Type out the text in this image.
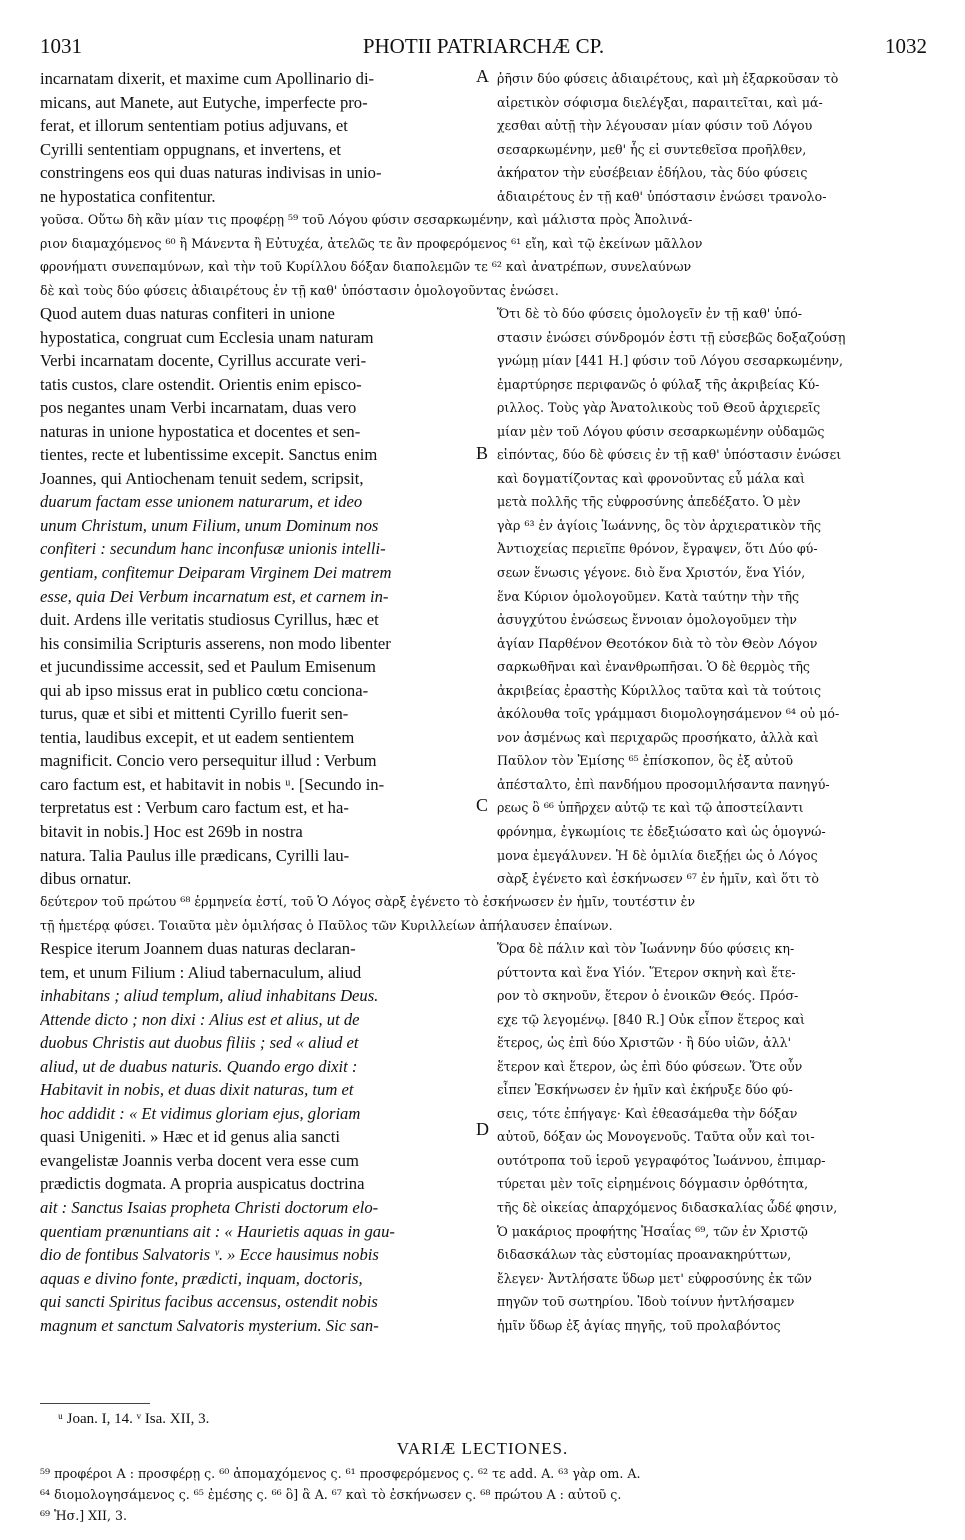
1031	PHOTII PATRIARCHÆ CP.	1032
incarnatam dixerit, et maxime cum Apollinario di-
micans, aut Manete, aut Eutyche, imperfecte pro-
ferat, et illorum sententiam potius adjuvans, et
Cyrilli sententiam oppugnans, et invertens, et
constringens eos qui duas naturas indivisas in unio-
ne hypostatica confitentur.
ῥῆσιν δύο φύσεις ἀδιαιρέτους, καὶ μὴ ἐξαρκοῦσαν τὸ
αἱρετικὸν σόφισμα διελέγξαι, παραιτεῖται, καὶ μά-
χεσθαι αὐτῇ τὴν λέγουσαν μίαν φύσιν τοῦ Λόγου
σεσαρκωμένην, μεθ' ἧς εἰ συντεθεῖσα προῆλθεν,
ἀκήρατον τὴν εὐσέβειαν ἐδήλου, τὰς δύο φύσεις
ἀδιαιρέτους ἐν τῇ καθ' ὑπόστασιν ἑνώσει τρανολο-
A
γοῦσα. Οὕτω δὴ κἂν μίαν τις προφέρῃ ⁵⁹ τοῦ Λόγου φύσιν σεσαρκωμένην, καὶ μάλιστα πρὸς Ἀπολινά-
ριον διαμαχόμενος ⁶⁰ ἢ Μάνεντα ἢ Εὐτυχέα, ἀτελῶς τε ἂν προφερόμενος ⁶¹ εἴη, καὶ τῷ ἐκείνων μᾶλλον
φρονήματι συνεπαμύνων, καὶ τὴν τοῦ Κυρίλλου δόξαν διαπολεμῶν τε ⁶² καὶ ἀνατρέπων, συνελαύνων
δὲ καὶ τοὺς δύο φύσεις ἀδιαιρέτους ἐν τῇ καθ' ὑπόστασιν ὁμολογοῦντας ἑνώσει.
Quod autem duas naturas confiteri in unione
hypostatica, congruat cum Ecclesia unam naturam
Verbi incarnatam docente, Cyrillus accurate veri-
tatis custos, clare ostendit. Orientis enim episco-
pos negantes unam Verbi incarnatam, duas vero
naturas in unione hypostatica et docentes et sen-
tientes, recte et lubentissime excepit. Sanctus enim
Joannes, qui Antiochenam tenuit sedem, scripsit,
duarum factam esse unionem naturarum, et ideo
unum Christum, unum Filium, unum Dominum nos
confiteri : secundum hanc inconfusæ unionis intelli-
gentiam, confitemur Deiparam Virginem Dei matrem
esse, quia Dei Verbum incarnatum est, et carnem in-
duit. Ardens ille veritatis studiosus Cyrillus, hæc et
his consimilia Scripturis asserens, non modo libenter
et jucundissime accessit, sed et Paulum Emisenum
qui ab ipso missus erat in publico cœtu conciona-
turus, quæ et sibi et mittenti Cyrillo fuerit sen-
tentia, laudibus excepit, et ut eadem sentientem
magnificit. Concio vero persequitur illud : Verbum
caro factum est, et habitavit in nobis ᵘ. [Secundo in-
terpretatus est : Verbum caro factum est, et ha-
bitavit in nobis.] Hoc est 269b in nostra
natura. Talia Paulus ille prædicans, Cyrilli lau-
dibus ornatur.
Ὅτι δὲ τὸ δύο φύσεις ὁμολογεῖν ἐν τῇ καθ' ὑπό-
στασιν ἑνώσει σύνδρομόν ἐστι τῇ εὐσεβῶς δοξαζούσῃ
γνώμῃ μίαν [441 H.] φύσιν τοῦ Λόγου σεσαρκωμένην,
ἐμαρτύρησε περιφανῶς ὁ φύλαξ τῆς ἀκριβείας Κύ-
ριλλος. Τοὺς γὰρ Ἀνατολικοὺς τοῦ Θεοῦ ἀρχιερεῖς
μίαν μὲν τοῦ Λόγου φύσιν σεσαρκωμένην οὐδαμῶς
εἰπόντας, δύο δὲ φύσεις ἐν τῇ καθ' ὑπόστασιν ἑνώσει
καὶ δογματίζοντας καὶ φρονοῦντας εὖ μάλα καὶ
μετὰ πολλῆς τῆς εὐφροσύνης ἀπεδέξατο. Ὁ μὲν
γὰρ ⁶³ ἐν ἁγίοις Ἰωάννης, ὃς τὸν ἀρχιερατικὸν τῆς
Ἀντιοχείας περιεῖπε θρόνον, ἔγραψεν, ὅτι Δύο φύ-
σεων ἕνωσις γέγονε. διὸ ἕνα Χριστόν, ἕνα Υἱόν,
ἕνα Κύριον ὁμολογοῦμεν. Κατὰ ταύτην τὴν τῆς
ἀσυγχύτου ἑνώσεως ἔννοιαν ὁμολογοῦμεν τὴν
ἁγίαν Παρθένον Θεοτόκον διὰ τὸ τὸν Θεὸν Λόγον
σαρκωθῆναι καὶ ἐνανθρωπῆσαι. Ὁ δὲ θερμὸς τῆς
ἀκριβείας ἐραστὴς Κύριλλος ταῦτα καὶ τὰ τούτοις
ἀκόλουθα τοῖς γράμμασι διομολογησάμενον ⁶⁴ οὐ μό-
νον ἀσμένως καὶ περιχαρῶς προσήκατο, ἀλλὰ καὶ
Παῦλον τὸν Ἐμίσης ⁶⁵ ἐπίσκοπον, ὃς ἐξ αὐτοῦ
ἀπέσταλτο, ἐπὶ πανδήμου προσομιλήσαντα πανηγύ-
ρεως ὃ ⁶⁶ ὑπῆρχεν αὐτῷ τε καὶ τῷ ἀποστείλαντι
φρόνημα, ἐγκωμίοις τε ἐδεξιώσατο καὶ ὡς ὁμογνώ-
μονα ἐμεγάλυνεν. Ἡ δὲ ὁμιλία διεξῄει ὡς ὁ Λόγος
σὰρξ ἐγένετο καὶ ἐσκήνωσεν ⁶⁷ ἐν ἡμῖν, καὶ ὅτι τὸ
B
C
δεύτερον τοῦ πρώτου ⁶⁸ ἑρμηνεία ἐστί, τοῦ Ὁ Λόγος σὰρξ ἐγένετο τὸ ἐσκήνωσεν ἐν ἡμῖν, τουτέστιν ἐν
τῇ ἡμετέρᾳ φύσει. Τοιαῦτα μὲν ὁμιλήσας ὁ Παῦλος τῶν Κυριλλείων ἀπήλαυσεν ἐπαίνων.
Respice iterum Joannem duas naturas declaran-
tem, et unum Filium : Aliud tabernaculum, aliud
inhabitans ; aliud templum, aliud inhabitans Deus.
Attende dicto ; non dixi : Alius est et alius, ut de
duobus Christis aut duobus filiis ; sed « aliud et
aliud, ut de duabus naturis. Quando ergo dixit :
Habitavit in nobis, et duas dixit naturas, tum et
hoc addidit : « Et vidimus gloriam ejus, gloriam
quasi Unigeniti. » Hæc et id genus alia sancti
evangelistæ Joannis verba docent vera esse cum
prædictis dogmata. A propria auspicatus doctrina
ait : Sanctus Isaias propheta Christi doctorum elo-
quentiam prænuntians ait : « Haurietis aquas in gau-
dio de fontibus Salvatoris ᵛ. » Ecce hausimus nobis
aquas e divino fonte, prædicti, inquam, doctoris,
qui sancti Spiritus facibus accensus, ostendit nobis
magnum et sanctum Salvatoris mysterium. Sic san-
Ὅρα δὲ πάλιν καὶ τὸν Ἰωάννην δύο φύσεις κη-
ρύττοντα καὶ ἕνα Υἱόν. Ἕτερον σκηνὴ καὶ ἕτε-
ρον τὸ σκηνοῦν, ἕτερον ὁ ἐνοικῶν Θεός. Πρόσ-
εχε τῷ λεγομένῳ. [840 R.] Οὐκ εἶπον ἕτερος καὶ
ἕτερος, ὡς ἐπὶ δύο Χριστῶν · ἢ δύο υἱῶν, ἀλλ'
ἕτερον καὶ ἕτερον, ὡς ἐπὶ δύο φύσεων. Ὅτε οὖν
εἶπεν Ἐσκήνωσεν ἐν ἡμῖν καὶ ἐκήρυξε δύο φύ-
σεις, τότε ἐπήγαγε· Καὶ ἐθεασάμεθα τὴν δόξαν
αὐτοῦ, δόξαν ὡς Μονογενοῦς. Ταῦτα οὖν καὶ τοι-
ουτότροπα τοῦ ἱεροῦ γεγραφότος Ἰωάννου, ἐπιμαρ-
τύρεται μὲν τοῖς εἰρημένοις δόγμασιν ὀρθότητα,
τῆς δὲ οἰκείας ἀπαρχόμενος διδασκαλίας ὧδέ φησιν,
Ὁ μακάριος προφήτης Ἡσαΐας ⁶⁹, τῶν ἐν Χριστῷ
διδασκάλων τὰς εὐστομίας προανακηρύττων,
ἔλεγεν· Ἀντλήσατε ὕδωρ μετ' εὐφροσύνης ἐκ τῶν
πηγῶν τοῦ σωτηρίου. Ἰδοὺ τοίνυν ἠντλήσαμεν
ἡμῖν ὕδωρ ἐξ ἁγίας πηγῆς, τοῦ προλαβόντος
D
ᵘ Joan. I, 14. ᵛ Isa. XII, 3.
VARIÆ LECTIONES.
⁵⁹ προφέροι A : προσφέρῃ ς. ⁶⁰ ἀπομαχόμενος ς. ⁶¹ προσφερόμενος ς. ⁶² τε add. A. ⁶³ γὰρ om. A.
⁶⁴ διομολογησάμενος ς. ⁶⁵ ἐμέσης ς. ⁶⁶ ὃ] ἃ A. ⁶⁷ καὶ τὸ ἐσκήνωσεν ς. ⁶⁸ πρώτου A : αὐτοῦ ς.
⁶⁹ Ἡσ.] XII, 3.
